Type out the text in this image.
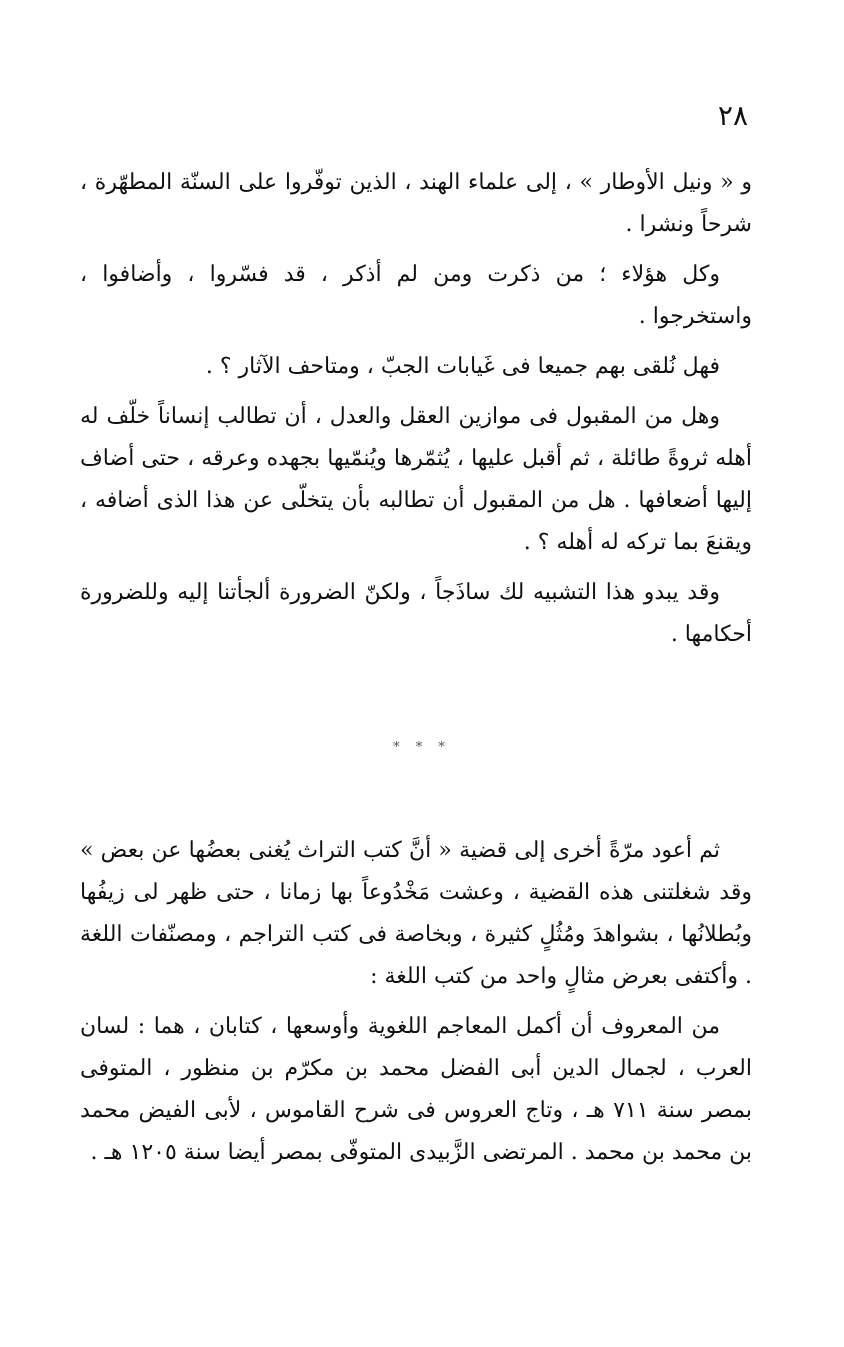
٢٨

و « ونيل الأوطار » ، إلى علماء الهند ، الذين توفّروا على السنّة المطهّرة ، شرحاً ونشرا .

وكل هؤلاء ؛ من ذكرت ومن لم أذكر ، قد فسّروا ، وأضافوا ، واستخرجوا .

فهل نُلقى بهم جميعا فى غَيابات الجبّ ، ومتاحف الآثار ؟ .

وهل من المقبول فى موازين العقل والعدل ، أن تطالب إنساناً خلّف له أهله ثروةً طائلة ، ثم أقبل عليها ، يُثمّرها ويُنمّيها بجهده وعرقه ، حتى أضاف إليها أضعافها . هل من المقبول أن تطالبه بأن يتخلّى عن هذا الذى أضافه ، ويقنعَ بما تركه له أهله ؟ .

وقد يبدو هذا التشبيه لك ساذَجاً ، ولكنّ الضرورة ألجأتنا إليه وللضرورة أحكامها .

* * *

ثم أعود مرّةً أخرى إلى قضية « أنَّ كتب التراث يُغنى بعضُها عن بعض » وقد شغلتنى هذه القضية ، وعشت مَخْدُوعاً بها زمانا ، حتى ظهر لى زيفُها وبُطلانُها ، بشواهدَ ومُثُلٍ كثيرة ، وبخاصة فى كتب التراجم ، ومصنّفات اللغة . وأكتفى بعرض مثالٍ واحد من كتب اللغة :

من المعروف أن أكمل المعاجم اللغوية وأوسعها ، كتابان ، هما : لسان العرب ، لجمال الدين أبى الفضل محمد بن مكرّم بن منظور ، المتوفى بمصر سنة ٧١١ هـ ، وتاج العروس فى شرح القاموس ، لأبى الفيض محمد بن محمد بن محمد . المرتضى الزَّبيدى المتوفّى بمصر أيضا سنة ١٢٠٥ هـ .
